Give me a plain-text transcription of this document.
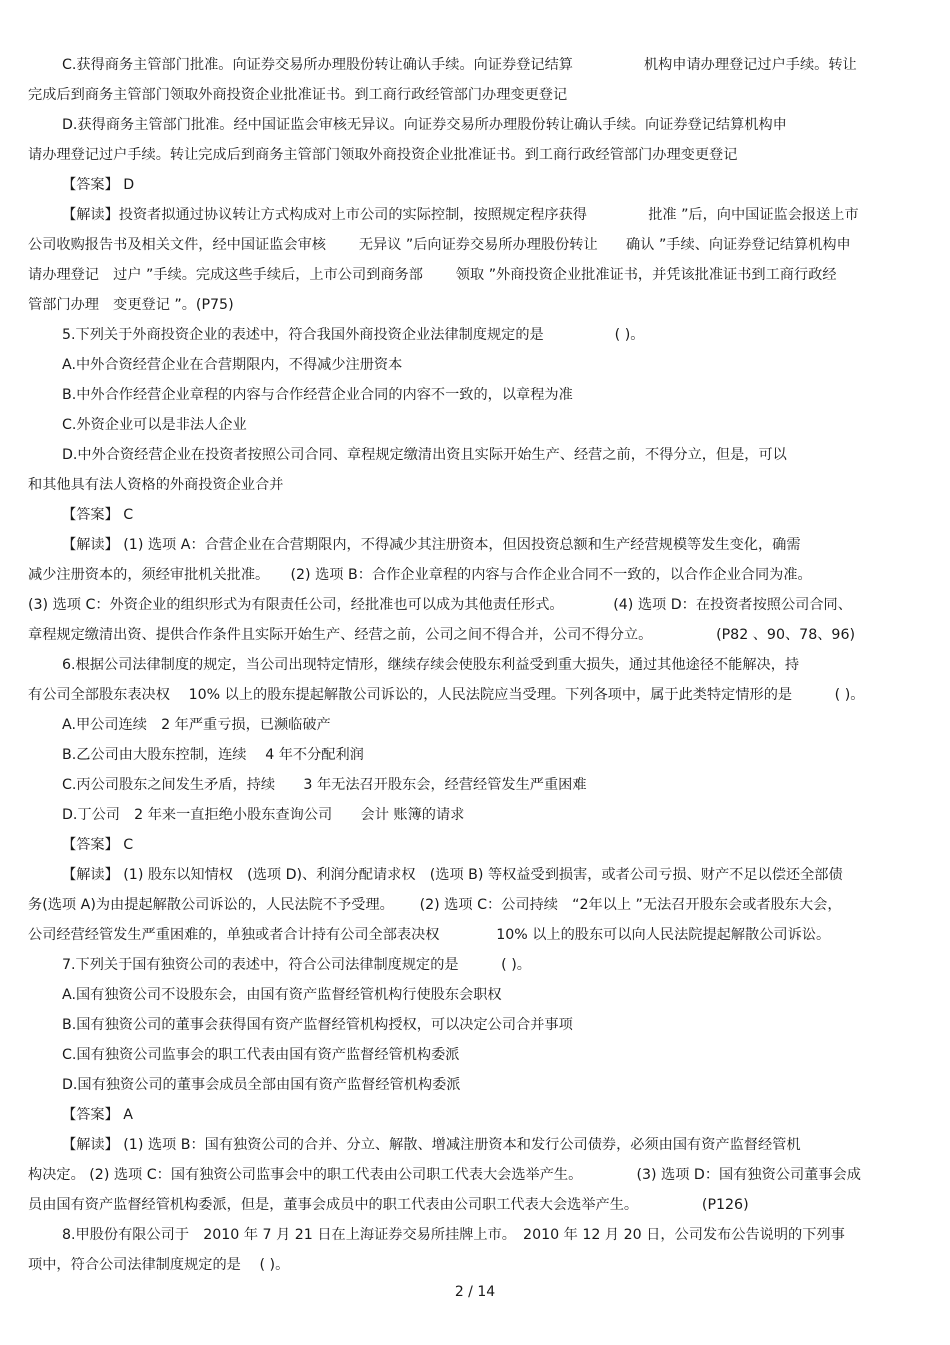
C.获得商务主管部门批准。向证券交易所办理股份转让确认手续。向证券登记结算　　　　　机构申请办理登记过户手续。转让
完成后到商务主管部门领取外商投资企业批准证书。到工商行政经管部门办理变更登记
D.获得商务主管部门批准。经中国证监会审核无异议。向证券交易所办理股份转让确认手续。向证券登记结算机构申
请办理登记过户手续。转让完成后到商务主管部门领取外商投资企业批准证书。到工商行政经管部门办理变更登记
【答案】 D
【解读】投资者拟通过协议转让方式构成对上市公司的实际控制，按照规定程序获得　　　　 批准 ”后，向中国证监会报送上市
公司收购报告书及相关文件，经中国证监会审核　　 无异议 ”后向证券交易所办理股份转让　　确认 ”手续、向证券登记结算机构申
请办理登记　过户 ”手续。完成这些手续后，上市公司到商务部　　 领取 ”外商投资企业批准证书，并凭该批准证书到工商行政经
管部门办理　变更登记 ”。(P75)
5.下列关于外商投资企业的表述中，符合我国外商投资企业法律制度规定的是　　　　　( )。
A.中外合资经营企业在合营期限内，不得减少注册资本
B.中外合作经营企业章程的内容与合作经营企业合同的内容不一致的，以章程为准
C.外资企业可以是非法人企业
D.中外合资经营企业在投资者按照公司合同、章程规定缴清出资且实际开始生产、经营之前，不得分立，但是，可以
和其他具有法人资格的外商投资企业合并
【答案】 C
【解读】 (1) 选项 A：合营企业在合营期限内，不得减少其注册资本，但因投资总额和生产经营规模等发生变化，确需
减少注册资本的，须经审批机关批准。　　(2) 选项 B：合作企业章程的内容与合作企业合同不一致的，以合作企业合同为准。
(3) 选项 C：外资企业的组织形式为有限责任公司，经批准也可以成为其他责任形式。　　　　(4) 选项 D：在投资者按照公司合同、
章程规定缴清出资、提供合作条件且实际开始生产、经营之前，公司之间不得合并，公司不得分立。　　　　　(P82 、90、78、96)
6.根据公司法律制度的规定，当公司出现特定情形，继续存续会使股东利益受到重大损失，通过其他途径不能解决，持
有公司全部股东表决权　 10% 以上的股东提起解散公司诉讼的，人民法院应当受理。下列各项中，属于此类特定情形的是　　　( )。
A.甲公司连续　2 年严重亏损，已濒临破产
B.乙公司由大股东控制，连续　 4 年不分配利润
C.丙公司股东之间发生矛盾，持续　　3 年无法召开股东会，经营经管发生严重困难
D.丁公司　2 年来一直拒绝小股东查询公司　　会计 账簿的请求
【答案】 C
【解读】 (1) 股东以知情权　(选项 D)、利润分配请求权　(选项 B) 等权益受到损害，或者公司亏损、财产不足以偿还全部债
务(选项 A)为由提起解散公司诉讼的，人民法院不予受理。　　 (2) 选项 C：公司持续　“2年以上 ”无法召开股东会或者股东大会，
公司经营经管发生严重困难的，单独或者合计持有公司全部表决权　　　　10% 以上的股东可以向人民法院提起解散公司诉讼。
7.下列关于国有独资公司的表述中，符合公司法律制度规定的是　　　( )。
A.国有独资公司不设股东会，由国有资产监督经管机构行使股东会职权
B.国有独资公司的董事会获得国有资产监督经管机构授权，可以决定公司合并事项
C.国有独资公司监事会的职工代表由国有资产监督经管机构委派
D.国有独资公司的董事会成员全部由国有资产监督经管机构委派
【答案】 A
【解读】 (1) 选项 B：国有独资公司的合并、分立、解散、增减注册资本和发行公司债券，必须由国有资产监督经管机
构决定。 (2) 选项 C：国有独资公司监事会中的职工代表由公司职工代表大会选举产生。　　　　 (3) 选项 D：国有独资公司董事会成
员由国有资产监督经管机构委派，但是，董事会成员中的职工代表由公司职工代表大会选举产生。　　　　　(P126)
8.甲股份有限公司于　2010 年 7 月 21 日在上海证券交易所挂牌上市。　2010 年 12 月 20 日，公司发布公告说明的下列事
项中，符合公司法律制度规定的是　 ( )。
2 / 14
